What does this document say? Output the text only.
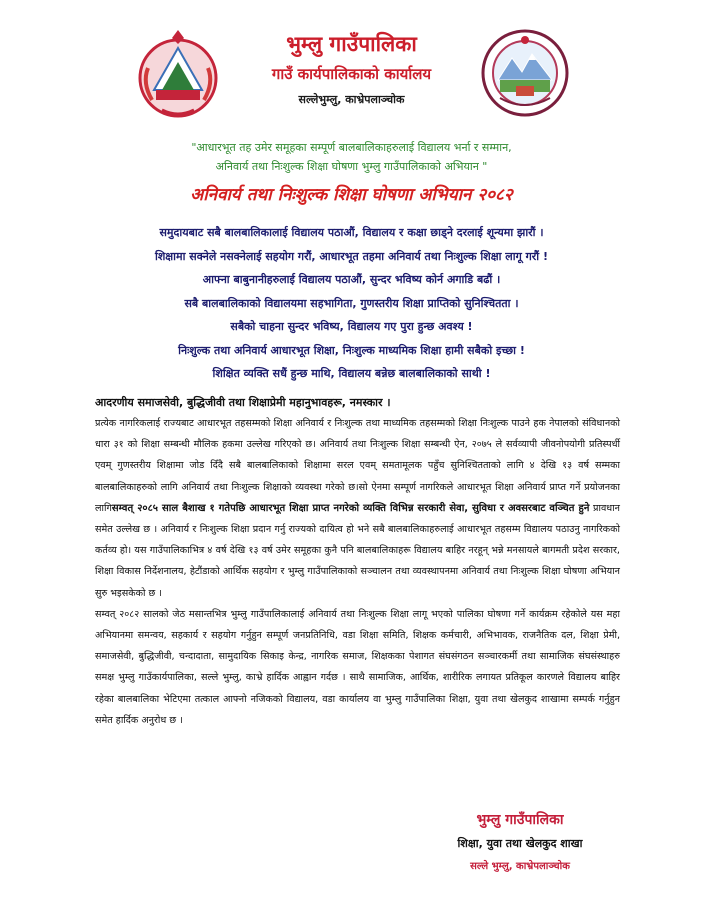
भुम्लु गाउँपालिका
गाउँ कार्यपालिकाको कार्यालय
सल्लेभुम्लु, काभ्रेपलाञ्चोक
"आधारभूत तह उमेर समूहका सम्पूर्ण बालबालिकाहरुलाई विद्यालय भर्ना र सम्मान,
अनिवार्य तथा निःशुल्क शिक्षा घोषणा भुम्लु गाउँपालिकाको अभियान "
अनिवार्य तथा निःशुल्क शिक्षा घोषणा अभियान २०८२
समुदायबाट सबै बालबालिकालाई विद्यालय पठाऔं, विद्यालय र कक्षा छाड्ने दरलाई शून्यमा झारौं ।
शिक्षामा सक्नेले नसक्नेलाई सहयोग गरौं, आधारभूत तहमा अनिवार्य तथा निःशुल्क शिक्षा लागू गरौं !
आफ्ना बाबुनानीहरुलाई विद्यालय पठाऔं, सुन्दर भविष्य कोर्न अगाडि बढौं ।
सबै बालबालिकाको विद्यालयमा सहभागिता, गुणस्तरीय शिक्षा प्राप्तिको सुनिश्चितता ।
सबैको चाहना सुन्दर भविष्य, विद्यालय गए पुरा हुन्छ अवश्य !
निःशुल्क तथा अनिवार्य आधारभूत शिक्षा, निःशुल्क माध्यमिक शिक्षा हामी सबैको इच्छा !
शिक्षित व्यक्ति सधैं हुन्छ माथि, विद्यालय बन्नेछ बालबालिकाको साथी !
आदरणीय समाजसेवी, बुद्धिजीवी तथा शिक्षाप्रेमी महानुभावहरू, नमस्कार ।

प्रत्येक नागरिकलाई राज्यबाट आधारभूत तहसम्मको शिक्षा अनिवार्य र निःशुल्क तथा माध्यमिक तहसम्मको शिक्षा निःशुल्क पाउने हक नेपालको संविधानको धारा ३१ को शिक्षा सम्बन्धी मौलिक हकमा उल्लेख गरिएको छ। अनिवार्य तथा निःशुल्क शिक्षा सम्बन्धी ऐन, २०७५ ले सर्वव्यापी जीवनोपयोगी प्रतिस्पर्धी एवम् गुणस्तरीय शिक्षामा जोड दिँदै सबै बालबालिकाको शिक्षामा सरल एवम् समतामूलक पहुँच सुनिश्चितताको लागि ४ देखि १३ वर्ष सम्मका बालबालिकाहरुको लागि अनिवार्य तथा निःशुल्क शिक्षाको व्यवस्था गरेको छ।सो ऐनमा सम्पूर्ण नागरिकले आधारभूत शिक्षा अनिवार्य प्राप्त गर्ने प्रयोजनका लागिसम्वत् २०८५ साल बैशाख १ गतेपछि आधारभूत शिक्षा प्राप्त नगरेको व्यक्ति विभिन्न सरकारी सेवा, सुविधा र अवसरबाट वञ्चित हुने प्रावधान समेत उल्लेख छ । अनिवार्य र निःशुल्क शिक्षा प्रदान गर्नु राज्यको दायित्व हो भने सबै बालबालिकाहरुलाई आधारभूत तहसम्म विद्यालय पठाउनु नागरिकको कर्तव्य हो। यस गाउँपालिकाभित्र ४ वर्ष देखि १३ वर्ष उमेर समूहका कुनै पनि बालबालिकाहरू विद्यालय बाहिर नरहून् भन्ने मनसायले बागमती प्रदेश सरकार, शिक्षा विकास निर्देशनालय, हेटौंडाको आर्थिक सहयोग र भुम्लु गाउँपालिकाको सञ्चालन तथा व्यवस्थापनमा अनिवार्य तथा निःशुल्क शिक्षा घोषणा अभियान सुरु भइसकेको छ ।

सम्वत् २०८२ सालको जेठ मसान्तभित्र भुम्लु गाउँपालिकालाई अनिवार्य तथा निःशुल्क शिक्षा लागू भएको पालिका घोषणा गर्ने कार्यक्रम रहेकोले यस महा अभियानमा समन्वय, सहकार्य र सहयोग गर्नुहुन सम्पूर्ण जनप्रतिनिधि, वडा शिक्षा समिति, शिक्षक कर्मचारी, अभिभावक, राजनैतिक दल, शिक्षा प्रेमी, समाजसेवी, बुद्धिजीवी, चन्दादाता, सामुदायिक सिकाइ केन्द्र, नागरिक समाज, शिक्षकका पेशागत संघसंगठन सञ्चारकर्मी तथा सामाजिक संघसंस्थाहरु समक्ष भुम्लु गाउँकार्यपालिका, सल्ले भुम्लु, काभ्रे हार्दिक आह्वान गर्दछ । साथै सामाजिक, आर्थिक, शारीरिक लगायत प्रतिकूल कारणले विद्यालय बाहिर रहेका बालबालिका भेटिएमा तत्काल आफ्नो नजिकको विद्यालय, वडा कार्यालय वा भुम्लु गाउँपालिका शिक्षा, युवा तथा खेलकुद शाखामा सम्पर्क गर्नुहुन समेत हार्दिक अनुरोध छ ।

भुम्लु गाउँपालिका
शिक्षा, युवा तथा खेलकुद शाखा
सल्ले भुम्लु, काभ्रेपलाञ्चोक
